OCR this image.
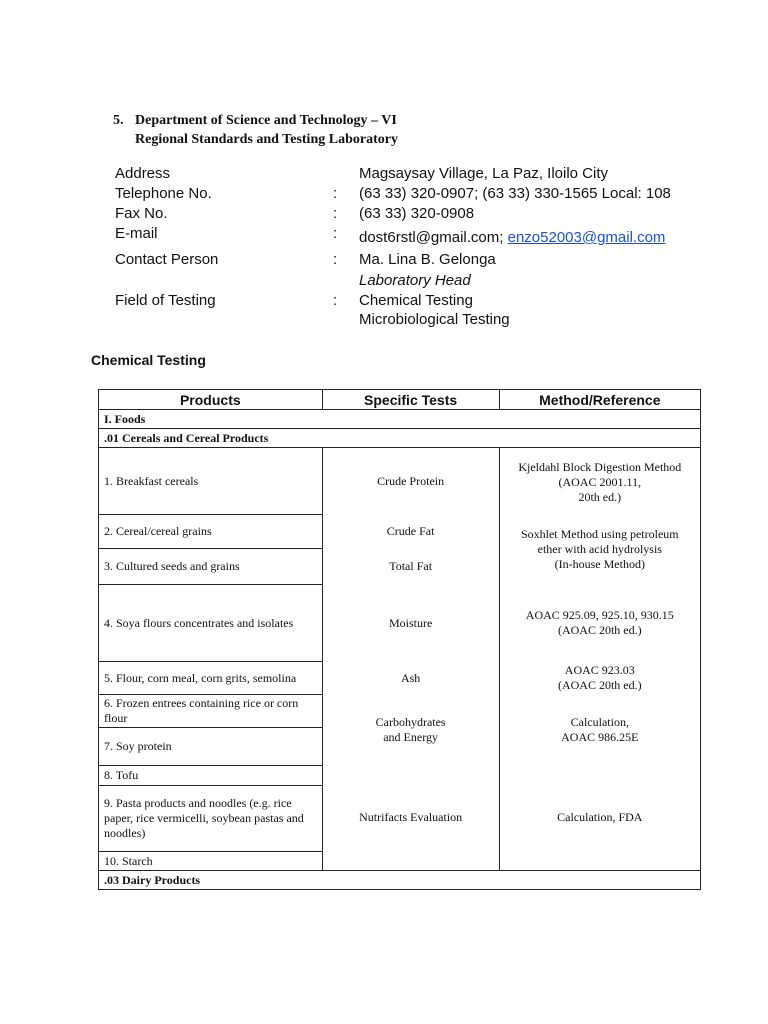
5. Department of Science and Technology – VI
Regional Standards and Testing Laboratory
Address	Magsaysay Village, La Paz, Iloilo City
Telephone No.	: (63 33) 320-0907; (63 33) 330-1565 Local: 108
Fax No.	: (63 33) 320-0908
E-mail	: dost6rstl@gmail.com; enzo52003@gmail.com
Contact Person	: Ma. Lina B. Gelonga
Laboratory Head
Field of Testing	: Chemical Testing
Microbiological Testing
Chemical Testing
Products	Specific Tests	Method/Reference
I. Foods		
.01 Cereals and Cereal Products		
1. Breakfast cereals	Crude Protein	Kjeldahl Block Digestion Method
(AOAC 2001.11,
20th ed.)

2. Cereal/cereal grains	Crude Fat	Soxhlet Method using petroleum
ether with acid hydrolysis
(In-house Method)

3. Cultured seeds and grains	Total Fat	

4. Soya flours concentrates and isolates	Moisture	AOAC 925.09, 925.10, 930.15
(AOAC 20th ed.)

5. Flour, corn meal, corn grits, semolina	Ash	AOAC 923.03
(AOAC 20th ed.)

6. Frozen entrees containing rice or corn flour	Carbohydrates
and Energy	Calculation,
AOAC 986.25E

7. Soy protein		
8. Tofu	Nutrifacts Evaluation	Calculation, FDA

9. Pasta products and noodles (e.g. rice paper, rice vermicelli, soybean pastas and noodles)		
10. Starch		
.03 Dairy Products		
